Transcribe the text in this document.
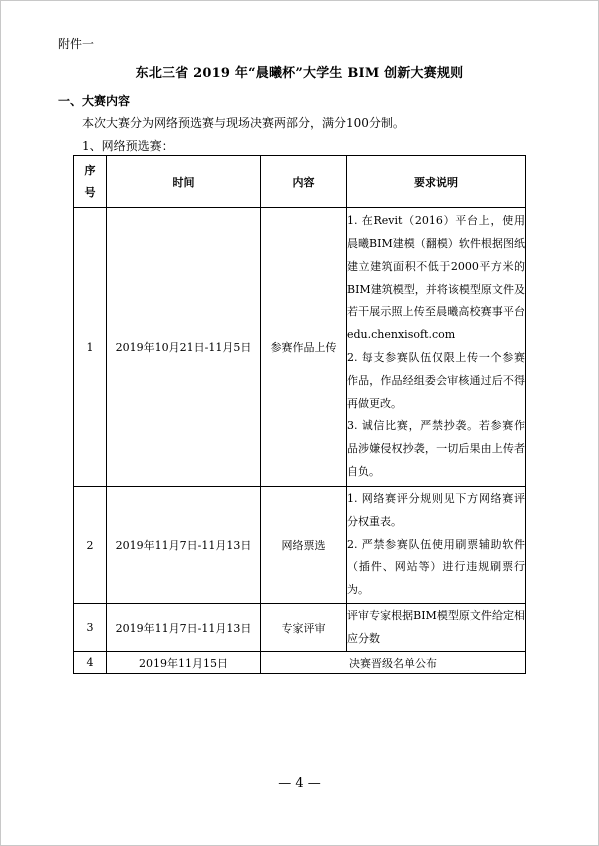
附件一
东北三省 2019 年“晨曦杯”大学生 BIM 创新大赛规则
一、大赛内容
本次大赛分为网络预选赛与现场决赛两部分，满分100分制。
1、网络预选赛：
序号	时间	内容	要求说明
1	2019年10月21日-11月5日	参赛作品上传	1. 在Revit（2016）平台上，使用晨曦BIM建模（翻模）软件根据图纸建立建筑面积不低于2000平方米的BIM建筑模型，并将该模型原文件及若干展示照上传至晨曦高校赛事平台edu.chenxisoft.com

2. 每支参赛队伍仅限上传一个参赛作品，作品经组委会审核通过后不得再做更改。

3. 诚信比赛，严禁抄袭。若参赛作品涉嫌侵权抄袭，一切后果由上传者自负。

2	2019年11月7日-11月13日	网络票选	1. 网络赛评分规则见下方网络赛评分权重表。

2. 严禁参赛队伍使用刷票辅助软件（插件、网站等）进行违规刷票行为。

3	2019年11月7日-11月13日	专家评审	评审专家根据BIM模型原文件给定相应分数

4	2019年11月15日	决赛晋级名单公布	
— 4 —
